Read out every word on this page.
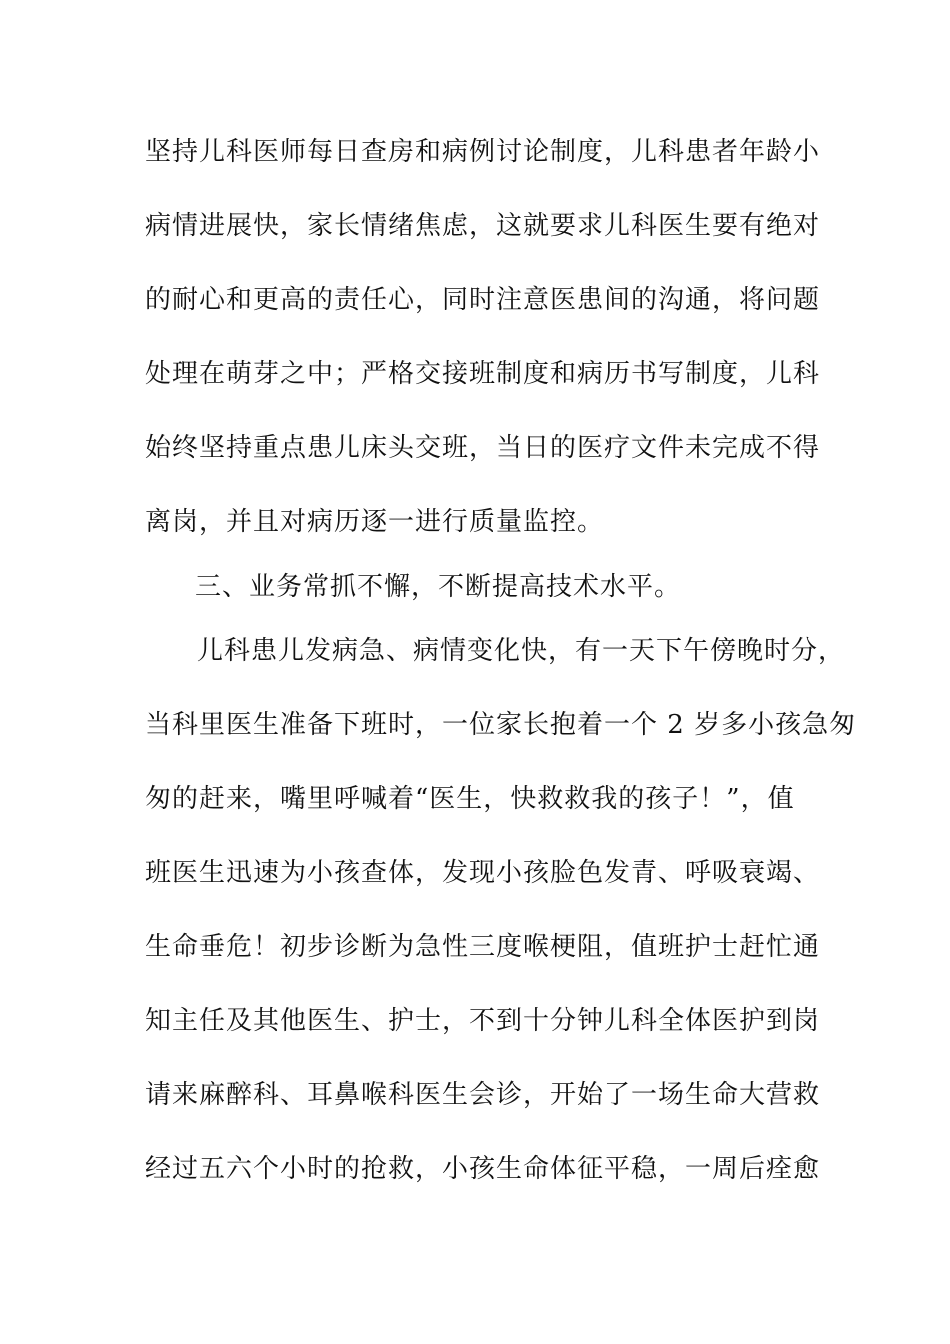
坚持儿科医师每日查房和病例讨论制度，儿科患者年龄小
病情进展快，家长情绪焦虑，这就要求儿科医生要有绝对
的耐心和更高的责任心，同时注意医患间的沟通，将问题
处理在萌芽之中；严格交接班制度和病历书写制度，儿科
始终坚持重点患儿床头交班，当日的医疗文件未完成不得
离岗，并且对病历逐一进行质量监控。
三、业务常抓不懈，不断提高技术水平。
儿科患儿发病急、病情变化快，有一天下午傍晚时分，
当科里医生准备下班时，一位家长抱着一个 2 岁多小孩急匆
匆的赶来，嘴里呼喊着“医生，快救救我的孩子！”，值
班医生迅速为小孩查体，发现小孩脸色发青、呼吸衰竭、
生命垂危！初步诊断为急性三度喉梗阻，值班护士赶忙通
知主任及其他医生、护士，不到十分钟儿科全体医护到岗
请来麻醉科、耳鼻喉科医生会诊，开始了一场生命大营救
经过五六个小时的抢救，小孩生命体征平稳，一周后痊愈
